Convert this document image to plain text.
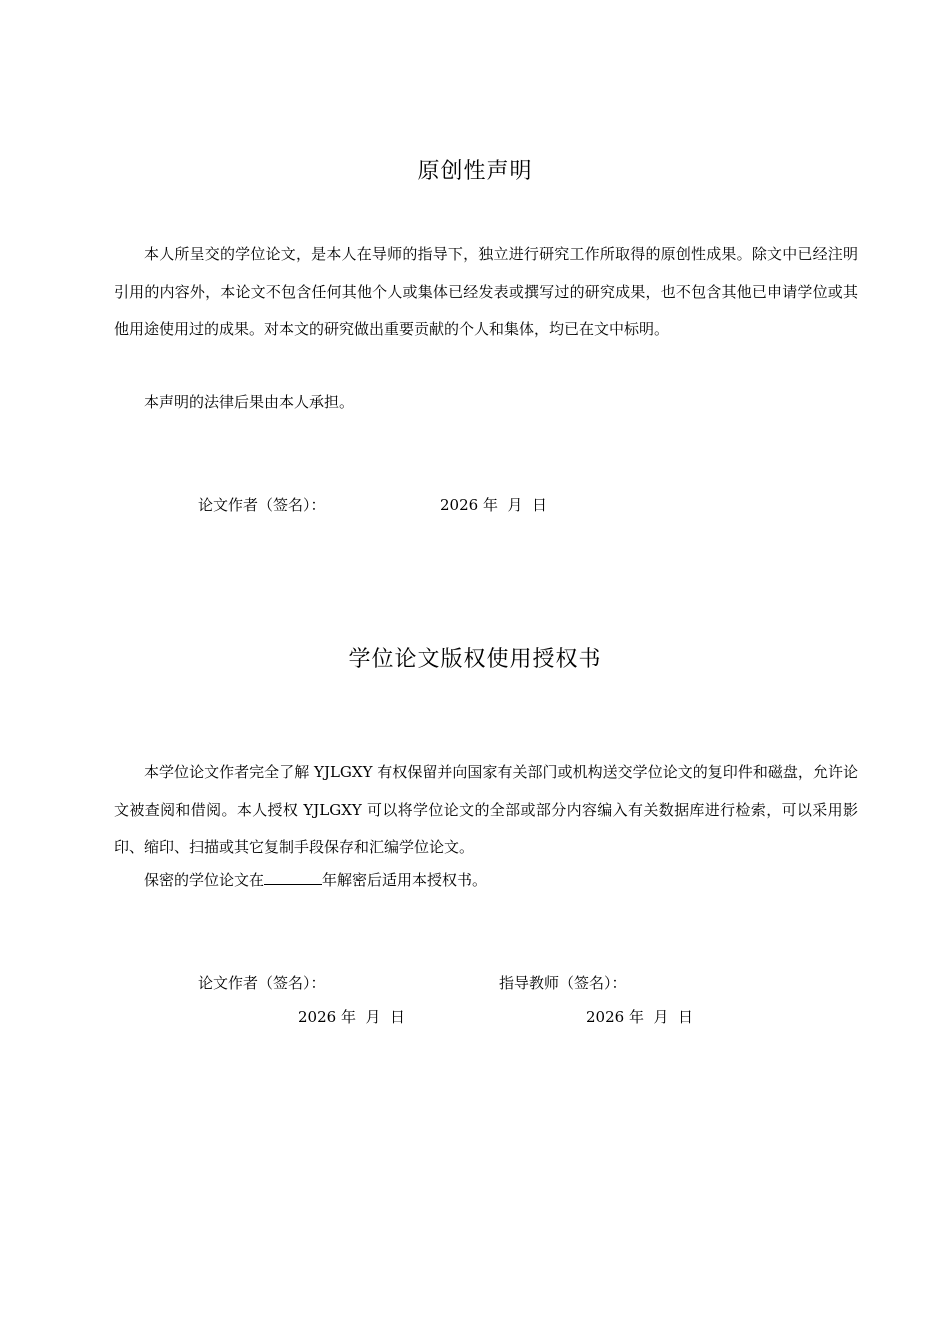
原创性声明
本人所呈交的学位论文，是本人在导师的指导下，独立进行研究工作所取得的原创性成果。除文中已经注明引用的内容外，本论文不包含任何其他个人或集体已经发表或撰写过的研究成果，也不包含其他已申请学位或其他用途使用过的成果。对本文的研究做出重要贡献的个人和集体，均已在文中标明。
本声明的法律后果由本人承担。
论文作者（签名）：	2026 年  月  日
学位论文版权使用授权书
本学位论文作者完全了解 YJLGXY 有权保留并向国家有关部门或机构送交学位论文的复印件和磁盘，允许论文被查阅和借阅。本人授权 YJLGXY 可以将学位论文的全部或部分内容编入有关数据库进行检索，可以采用影印、缩印、扫描或其它复制手段保存和汇编学位论文。
保密的学位论文在	年解密后适用本授权书。
论文作者（签名）：	指导教师（签名）：
2026 年  月  日	2026 年  月  日
